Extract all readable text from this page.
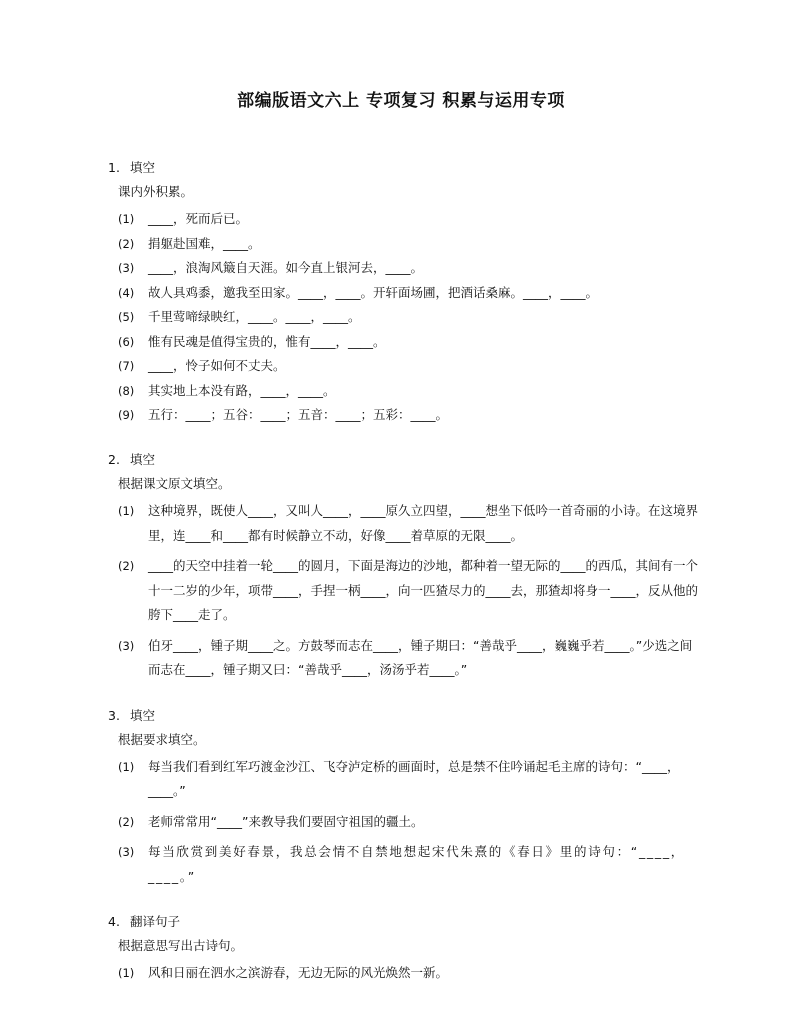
部编版语文六上 专项复习 积累与运用专项
1. 填空
课内外积累。
(1)	____，死而后已。
(2)	捐躯赴国难，____。
(3)	____，浪淘风簸自天涯。如今直上银河去，____。
(4)	故人具鸡黍，邀我至田家。____，____。开轩面场圃，把酒话桑麻。____，____。
(5)	千里莺啼绿映红，____。____，____。
(6)	惟有民魂是值得宝贵的，惟有____，____。
(7)	____，怜子如何不丈夫。
(8)	其实地上本没有路，____，____。
(9)	五行：____；五谷：____；五音：____；五彩：____。
2. 填空
根据课文原文填空。
(1)	这种境界，既使人____，又叫人____，____原久立四望，____想坐下低吟一首奇丽的小诗。在这境界里，连____和____都有时候静立不动，好像____着草原的无限____。
(2)	____的天空中挂着一轮____的圆月，下面是海边的沙地，都种着一望无际的____的西瓜，其间有一个十一二岁的少年，项带____，手捏一柄____，向一匹猹尽力的____去，那猹却将身一____，反从他的胯下____走了。
(3)	伯牙____，锺子期____之。方鼓琴而志在____，锺子期曰：“善哉乎____，巍巍乎若____。”少选之间而志在____，锺子期又曰：“善哉乎____，汤汤乎若____。”
3. 填空
根据要求填空。
(1)	每当我们看到红军巧渡金沙江、飞夺泸定桥的画面时，总是禁不住吟诵起毛主席的诗句：“____，____。”
(2)	老师常常用“____”来教导我们要固守祖国的疆土。
(3)	每当欣赏到美好春景，我总会情不自禁地想起宋代朱熹的《春日》里的诗句：“____，____。”
4. 翻译句子
根据意思写出古诗句。
(1)	风和日丽在泗水之滨游春，无边无际的风光焕然一新。
